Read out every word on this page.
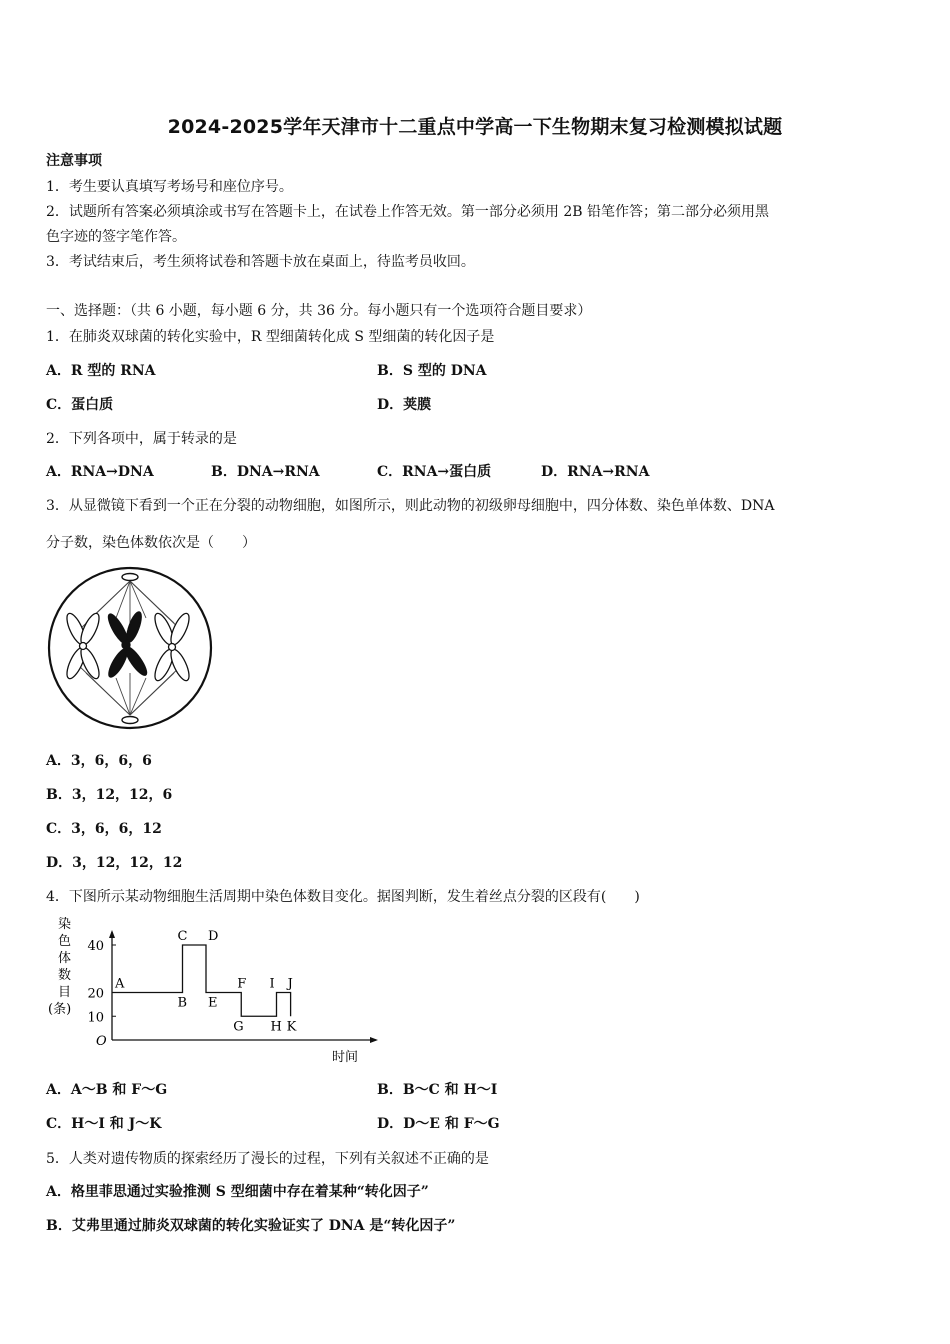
2024-2025学年天津市十二重点中学高一下生物期末复习检测模拟试题
注意事项
1．考生要认真填写考场号和座位序号。
2．试题所有答案必须填涂或书写在答题卡上，在试卷上作答无效。第一部分必须用 2B 铅笔作答；第二部分必须用黑
色字迹的签字笔作答。
3．考试结束后，考生须将试卷和答题卡放在桌面上，待监考员收回。
一、选择题：（共 6 小题，每小题 6 分，共 36 分。每小题只有一个选项符合题目要求）
1．在肺炎双球菌的转化实验中，R 型细菌转化成 S 型细菌的转化因子是
A．R 型的 RNA	B．S 型的 DNA
C．蛋白质	D．荚膜
2．下列各项中，属于转录的是
A．RNA→DNA	B．DNA→RNA	C．RNA→蛋白质	D．RNA→RNA
3．从显微镜下看到一个正在分裂的动物细胞，如图所示，则此动物的初级卵母细胞中，四分体数、染色单体数、DNA
分子数，染色体数依次是（　　）
A．3，6，6，6
B．3，12，12，6
C．3，6，6，12
D．3，12，12，12
4．下图所示某动物细胞生活周期中染色体数目变化。据图判断，发生着丝点分裂的区段有(　　)
染
色
体
数
目
(条)
10
20
40
O
时间
A
B
C D
E
F
G H
I J
K
A．A～B 和 F～G	B．B～C 和 H～I
C．H～I 和 J～K	D．D～E 和 F～G
5．人类对遗传物质的探索经历了漫长的过程，下列有关叙述不正确的是
A．格里菲思通过实验推测 S 型细菌中存在着某种“转化因子”
B．艾弗里通过肺炎双球菌的转化实验证实了 DNA 是“转化因子”
